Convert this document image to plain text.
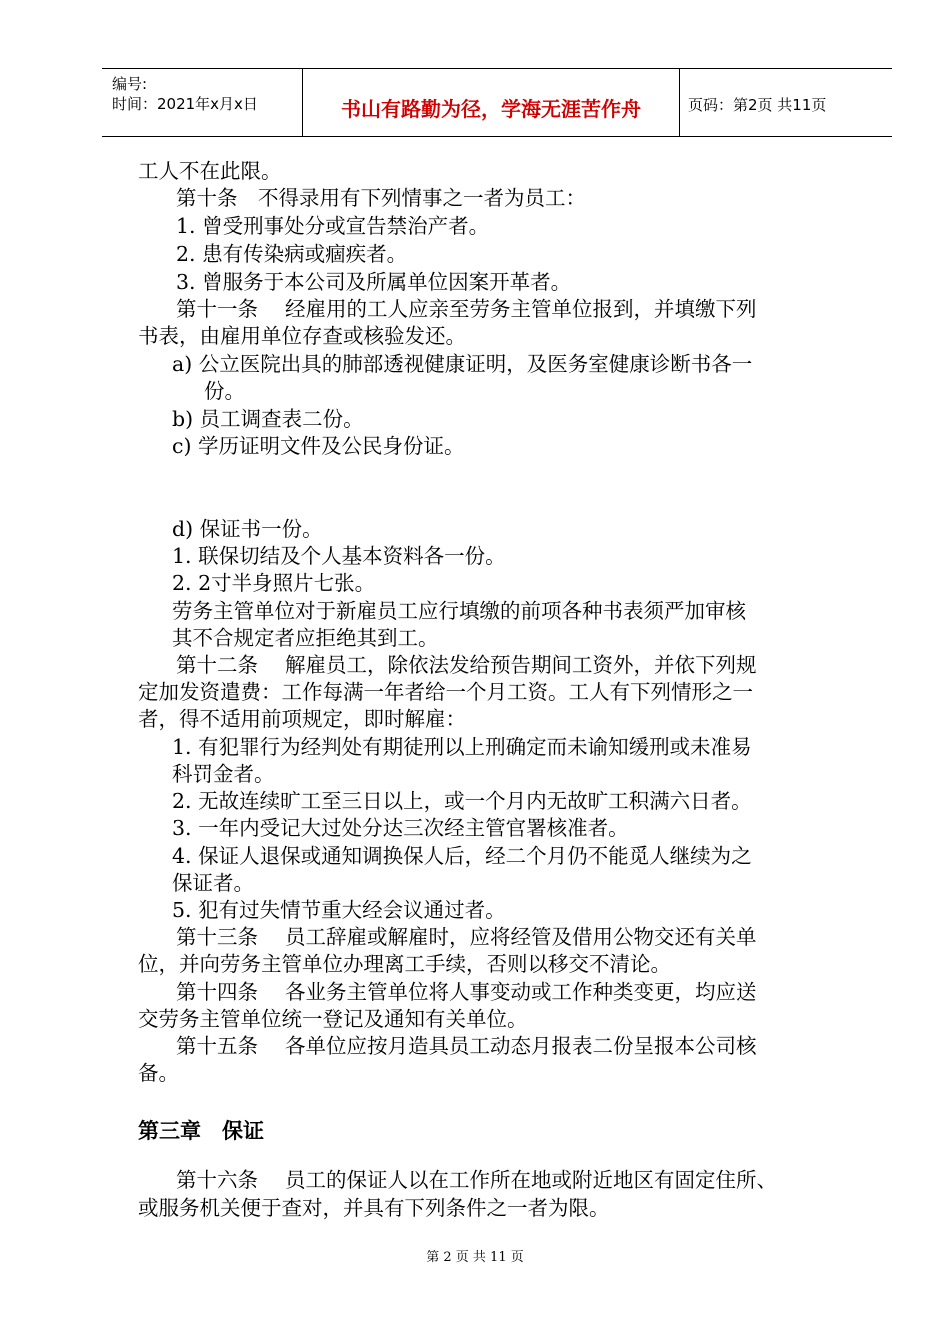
编号:
时间：2021年x月x日	书山有路勤为径，学海无涯苦作舟	页码：第2页 共11页
工人不在此限。
第十条　不得录用有下列情事之一者为员工：
1. 曾受刑事处分或宣告禁治产者。
2. 患有传染病或痼疾者。
3. 曾服务于本公司及所属单位因案开革者。
第十一条　 经雇用的工人应亲至劳务主管单位报到，并填缴下列
书表，由雇用单位存查或核验发还。
a) 公立医院出具的肺部透视健康证明，及医务室健康诊断书各一
份。
b) 员工调查表二份。
c) 学历证明文件及公民身份证。
d) 保证书一份。
1. 联保切结及个人基本资料各一份。
2. 2寸半身照片七张。
劳务主管单位对于新雇员工应行填缴的前项各种书表须严加审核
其不合规定者应拒绝其到工。
第十二条　 解雇员工，除依法发给预告期间工资外，并依下列规
定加发资遣费：工作每满一年者给一个月工资。工人有下列情形之一
者，得不适用前项规定，即时解雇：
1. 有犯罪行为经判处有期徒刑以上刑确定而未谕知缓刑或未准易
科罚金者。
2. 无故连续旷工至三日以上，或一个月内无故旷工积满六日者。
3. 一年内受记大过处分达三次经主管官署核准者。
4. 保证人退保或通知调换保人后，经二个月仍不能觅人继续为之
保证者。
5. 犯有过失情节重大经会议通过者。
第十三条　 员工辞雇或解雇时，应将经管及借用公物交还有关单
位，并向劳务主管单位办理离工手续，否则以移交不清论。
第十四条　 各业务主管单位将人事变动或工作种类变更，均应送
交劳务主管单位统一登记及通知有关单位。
第十五条　 各单位应按月造具员工动态月报表二份呈报本公司核
备。
第三章　保证
第十六条　 员工的保证人以在工作所在地或附近地区有固定住所、
或服务机关便于查对，并具有下列条件之一者为限。
第 2 页 共 11 页
